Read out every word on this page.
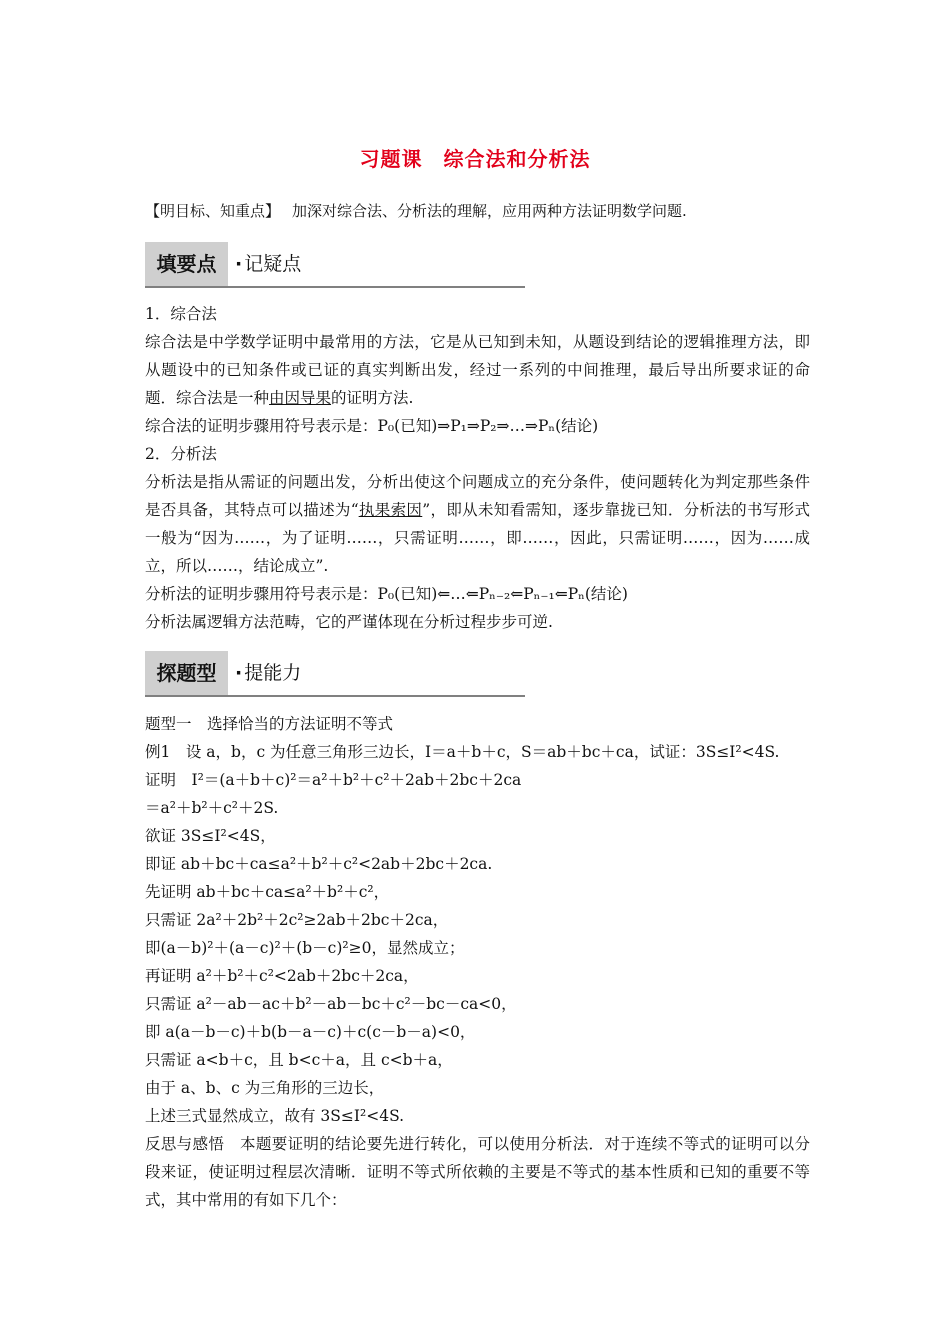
习题课　综合法和分析法
【明目标、知重点】 加深对综合法、分析法的理解，应用两种方法证明数学问题.
填要点 · 记疑点

1．综合法

综合法是中学数学证明中最常用的方法，它是从已知到未知，从题设到结论的逻辑推理方法，即从题设中的已知条件或已证的真实判断出发，经过一系列的中间推理，最后导出所要求证的命题．综合法是一种由因导果的证明方法.

综合法的证明步骤用符号表示是：P₀(已知)⇒P₁⇒P₂⇒…⇒Pₙ(结论)

2．分析法

分析法是指从需证的问题出发，分析出使这个问题成立的充分条件，使问题转化为判定那些条件是否具备，其特点可以描述为“执果索因”，即从未知看需知，逐步靠拢已知．分析法的书写形式一般为“因为……，为了证明……，只需证明……，即……，因此，只需证明……，因为……成立，所以……，结论成立”.

分析法的证明步骤用符号表示是：P₀(已知)⇐…⇐Pₙ₋₂⇐Pₙ₋₁⇐Pₙ(结论)

分析法属逻辑方法范畴，它的严谨体现在分析过程步步可逆.

探题型 · 提能力

题型一　选择恰当的方法证明不等式

例1　设 a，b，c 为任意三角形三边长，I＝a＋b＋c，S＝ab＋bc＋ca，试证：3S≤I²<4S.

证明　I²＝(a＋b＋c)²＝a²＋b²＋c²＋2ab＋2bc＋2ca

＝a²＋b²＋c²＋2S.

欲证 3S≤I²<4S，

即证 ab＋bc＋ca≤a²＋b²＋c²<2ab＋2bc＋2ca.

先证明 ab＋bc＋ca≤a²＋b²＋c²，

只需证 2a²＋2b²＋2c²≥2ab＋2bc＋2ca，

即(a－b)²＋(a－c)²＋(b－c)²≥0，显然成立；

再证明 a²＋b²＋c²<2ab＋2bc＋2ca，

只需证 a²－ab－ac＋b²－ab－bc＋c²－bc－ca<0，

即 a(a－b－c)＋b(b－a－c)＋c(c－b－a)<0，

只需证 a<b＋c，且 b<c＋a，且 c<b＋a，

由于 a、b、c 为三角形的三边长，

上述三式显然成立，故有 3S≤I²<4S.

反思与感悟　本题要证明的结论要先进行转化，可以使用分析法．对于连续不等式的证明可以分段来证，使证明过程层次清晰．证明不等式所依赖的主要是不等式的基本性质和已知的重要不等式，其中常用的有如下几个：
